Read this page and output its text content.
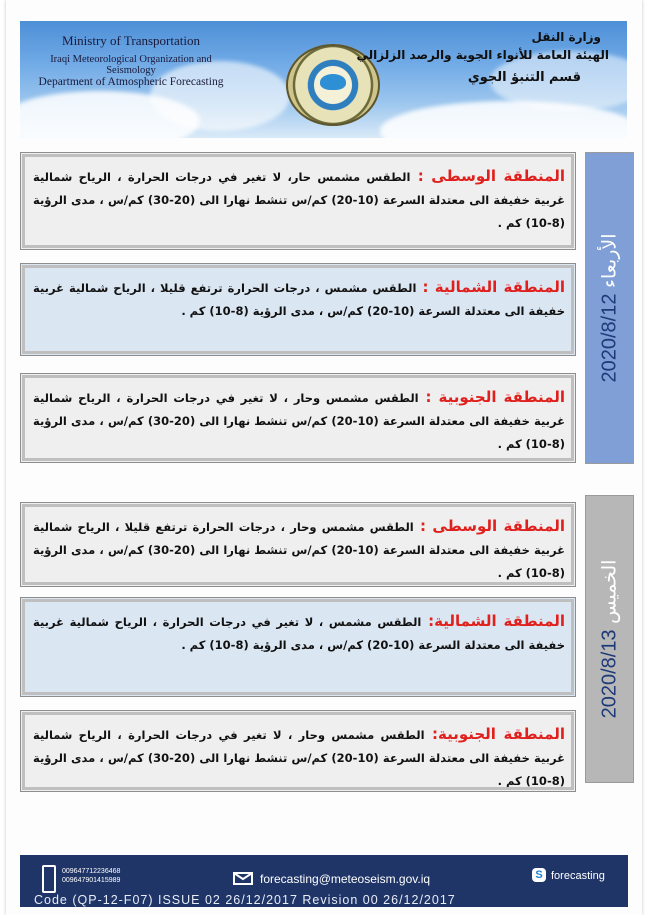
Ministry of Transportation
Iraqi Meteorological Organization and Seismology
Department of Atmospheric Forecasting
وزارة النقل
الهيئة العامة للأنواء الجوية والرصد الزلزالي
قسم التنبؤ الجوي
2020/8/12 الأربعاء
المنطقة الوسطى : الطقس مشمس حار، لا تغير في درجات الحرارة ، الرياح شمالية غربية خفيفة الى معتدلة السرعة (10-20) كم/س تنشط نهارا الى (20-30) كم/س ، مدى الرؤية (8-10) كم .
المنطقة الشمالية : الطقس مشمس ، درجات الحرارة ترتفع قليلا ، الرياح شمالية غربية خفيفة الى معتدلة السرعة (10-20) كم/س ، مدى الرؤية (8-10) كم .
المنطقة الجنوبية : الطقس مشمس وحار ، لا تغير في درجات الحرارة ، الرياح شمالية غربية خفيفة الى معتدلة السرعة (10-20) كم/س تنشط نهارا الى (20-30) كم/س ، مدى الرؤية (8-10) كم .
2020/8/13 الخميس
المنطقة الوسطى : الطقس مشمس وحار ، درجات الحرارة ترتفع قليلا ، الرياح شمالية غربية خفيفة الى معتدلة السرعة (10-20) كم/س تنشط نهارا الى (20-30) كم/س ، مدى الرؤية (8-10) كم .
المنطقة الشمالية: الطقس مشمس ، لا تغير في درجات الحرارة ، الرياح شمالية غربية خفيفة الى معتدلة السرعة (10-20) كم/س ، مدى الرؤية (8-10) كم .
المنطقة الجنوبية: الطقس مشمس وحار ، لا تغير في درجات الحرارة ، الرياح شمالية غربية خفيفة الى معتدلة السرعة (10-20) كم/س تنشط نهارا الى (20-30) كم/س ، مدى الرؤية (8-10) كم .
009647712236468
009647901415989	forecasting@meteoseism.gov.iq	S forecasting
Code (QP-12-F07) ISSUE 02 26/12/2017 Revision 00 26/12/2017
